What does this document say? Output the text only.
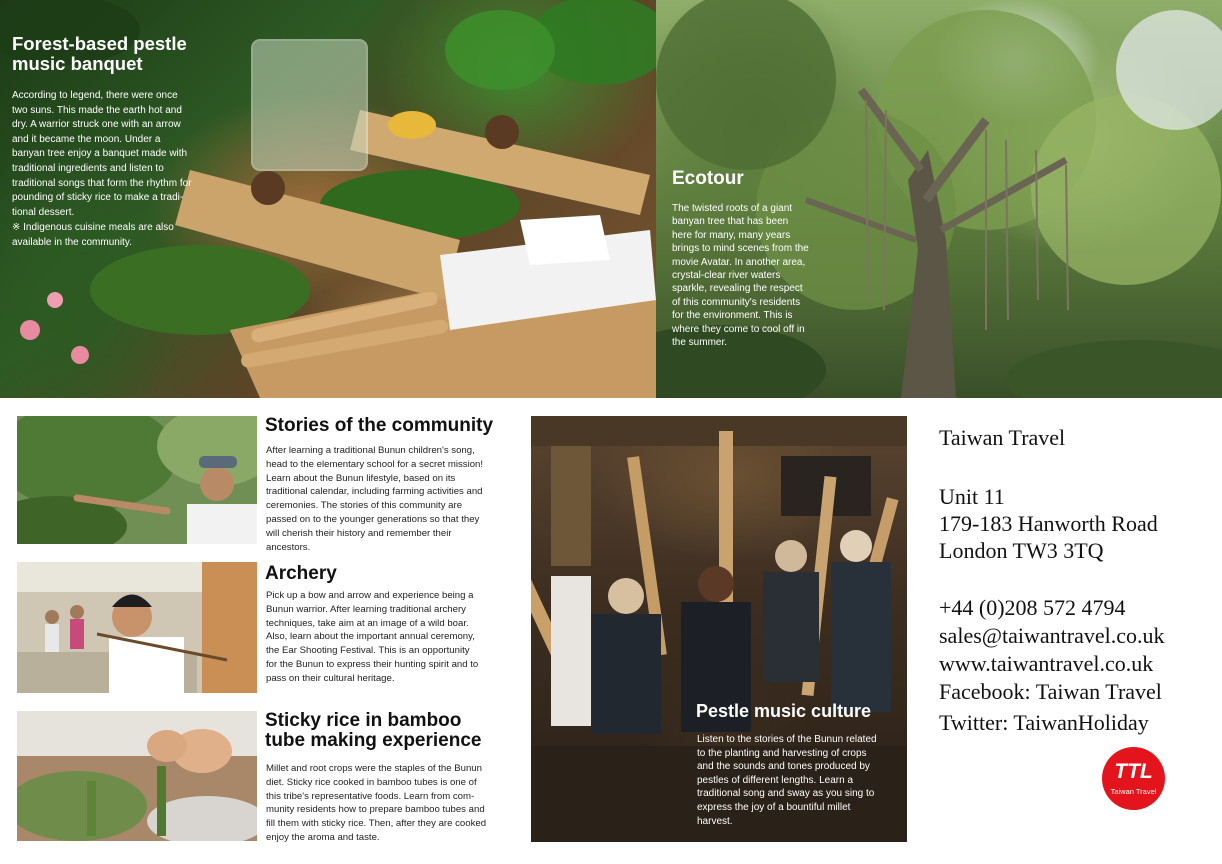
Forest-based pestle
music banquet
According to legend, there were once
two suns. This made the earth hot and
dry. A warrior struck one with an arrow
and it became the moon. Under a
banyan tree enjoy a banquet made with
traditional ingredients and listen to
traditional songs that form the rhythm for
pounding of sticky rice to make a tradi-
tional dessert.
※ Indigenous cuisine meals are also
available in the community.
Ecotour
The twisted roots of a giant
banyan tree that has been
here for many, many years
brings to mind scenes from the
movie Avatar. In another area,
crystal-clear river waters
sparkle, revealing the respect
of this community's residents
for the environment. This is
where they come to cool off in
the summer.
Stories of the community
After learning a traditional Bunun children's song,
head to the elementary school for a secret mission!
Learn about the Bunun lifestyle, based on its
traditional calendar, including farming activities and
ceremonies. The stories of this community are
passed on to the younger generations so that they
will cherish their history and remember their
ancestors.
Archery
Pick up a bow and arrow and experience being a
Bunun warrior. After learning traditional archery
techniques, take aim at an image of a wild boar.
Also, learn about the important annual ceremony,
the Ear Shooting Festival. This is an opportunity
for the Bunun to express their hunting spirit and to
pass on their cultural heritage.
Sticky rice in bamboo
tube making experience
Millet and root crops were the staples of the Bunun
diet. Sticky rice cooked in bamboo tubes is one of
this tribe's representative foods. Learn from com-
munity residents how to prepare bamboo tubes and
fill them with sticky rice. Then, after they are cooked
enjoy the aroma and taste.
Pestle music culture
Listen to the stories of the Bunun related
to the planting and harvesting of crops
and the sounds and tones produced by
pestles of different lengths. Learn a
traditional song and sway as you sing to
express the joy of a bountiful millet
harvest.
Taiwan Travel
Unit 11
179-183 Hanworth Road
London TW3 3TQ
+44 (0)208 572 4794
sales@taiwantravel.co.uk
www.taiwantravel.co.uk
Facebook: Taiwan Travel
Twitter: TaiwanHoliday
TTL
Taiwan Travel
